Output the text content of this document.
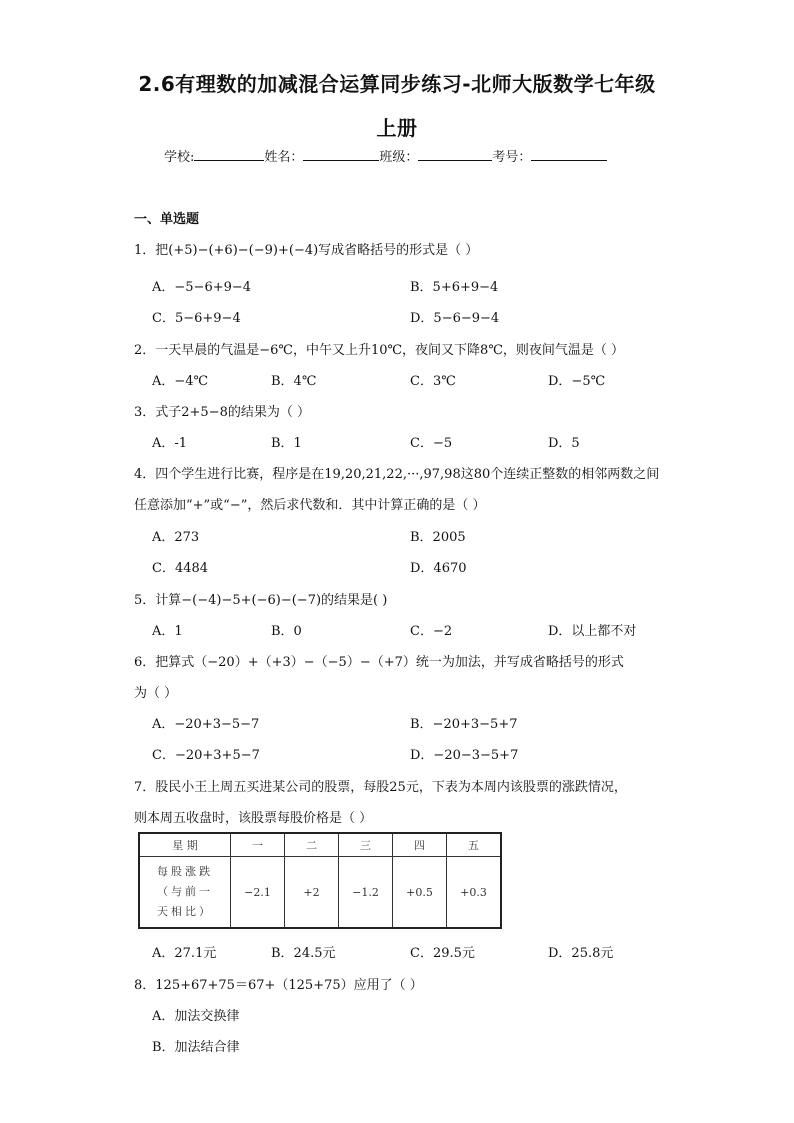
2.6有理数的加减混合运算同步练习-北师大版数学七年级
上册
学校:	姓名：	班级：	考号：
一、单选题
1．把(+5)−(+6)−(−9)+(−4)写成省略括号的形式是（ ）
A．−5−6+9−4	B．5+6+9−4
C．5−6+9−4	D．5−6−9−4
2．一天早晨的气温是−6℃，中午又上升10℃，夜间又下降8℃，则夜间气温是（ ）
A．−4℃	B．4℃	C．3℃	D．−5℃
3．式子2+5−8的结果为（ ）
A．-1	B．1	C．−5	D．5
4．四个学生进行比赛，程序是在19,20,21,22,···,97,98这80个连续正整数的相邻两数之间
任意添加“+”或“−”，然后求代数和．其中计算正确的是（ ）
A．273	B．2005
C．4484	D．4670
5．计算−(−4)−5+(−6)−(−7)的结果是( )
A．1	B．0	C．−2	D．以上都不对
6．把算式（−20）+（+3）−（−5）−（+7）统一为加法，并写成省略括号的形式
为（ ）
A．−20+3−5−7	B．−20+3−5+7
C．−20+3+5−7	D．−20−3−5+7
7．股民小王上周五买进某公司的股票，每股25元，下表为本周内该股票的涨跌情况，
则本周五收盘时，该股票每股价格是（ ）
星 期	一	二	三	四	五

每股涨跌
（与前一
天相比）	−2.1	+2	−1.2	+0.5	+0.3
A．27.1元	B．24.5元	C．29.5元	D．25.8元
8．125+67+75＝67+（125+75）应用了（ ）
A．加法交换律
B．加法结合律
